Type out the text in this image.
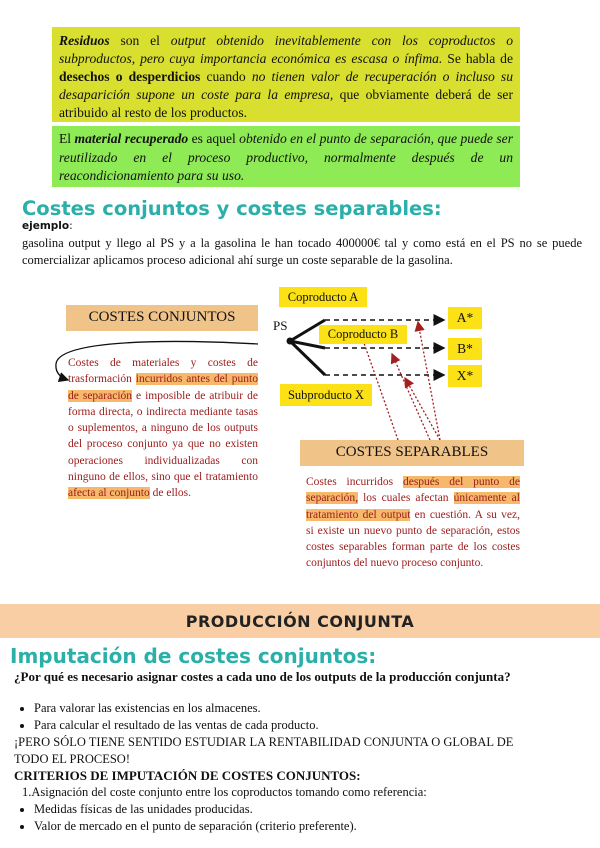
Residuos son el output obtenido inevitablemente con los coproductos o subproductos, pero cuya importancia económica es escasa o ínfima. Se habla de desechos o desperdicios cuando no tienen valor de recuperación o incluso su desaparición supone un coste para la empresa, que obviamente deberá de ser atribuido al resto de los productos.
El material recuperado es aquel obtenido en el punto de separación, que puede ser reutilizado en el proceso productivo, normalmente después de un reacondicionamiento para su uso.
Costes conjuntos y costes separables:
ejemplo:
gasolina output y llego al PS y a la gasolina le han tocado 400000€ tal y como está en el PS no se puede comercializar aplicamos proceso adicional ahí surge un coste separable de la gasolina.
COSTES CONJUNTOS
PS
Coproducto A
Coproducto B
Subproducto X
A*
B*
X*
COSTES SEPARABLES
Costes de materiales y costes de trasformación incurridos antes del punto de separación e imposible de atribuir de forma directa, o indirecta mediante tasas o suplementos, a ninguno de los outputs del proceso conjunto ya que no existen operaciones individualizadas con ninguno de ellos, sino que el tratamiento afecta al conjunto de ellos.
Costes incurridos después del punto de separación, los cuales afectan únicamente al tratamiento del output en cuestión. A su vez, si existe un nuevo punto de separación, estos costes separables forman parte de los costes conjuntos del nuevo proceso conjunto.
PRODUCCIÓN CONJUNTA
Imputación de costes conjuntos:
¿Por qué es necesario asignar costes a cada uno de los outputs de la producción conjunta?
• Para valorar las existencias en los almacenes.
• Para calcular el resultado de las ventas de cada producto.
¡PERO SÓLO TIENE SENTIDO ESTUDIAR LA RENTABILIDAD CONJUNTA O GLOBAL DE TODO EL PROCESO!
CRITERIOS DE IMPUTACIÓN DE COSTES CONJUNTOS:
1.Asignación del coste conjunto entre los coproductos tomando como referencia:
• Medidas físicas de las unidades producidas.
• Valor de mercado en el punto de separación (criterio preferente).
